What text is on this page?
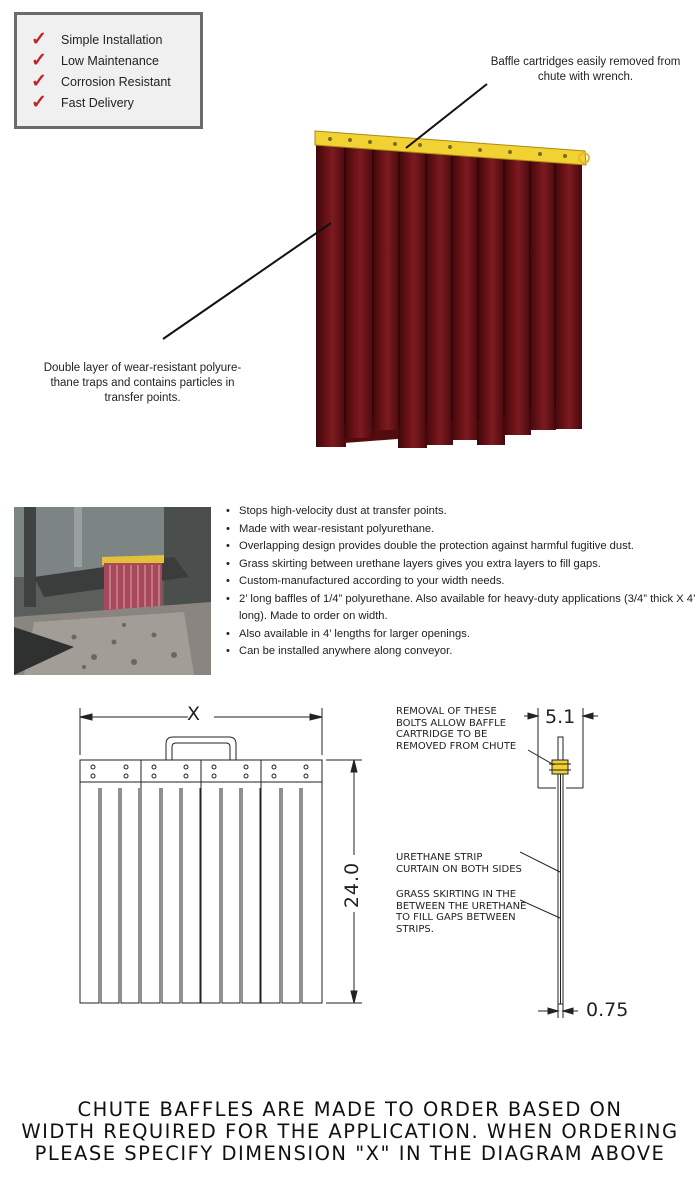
✓	Simple Installation
✓	Low Maintenance
✓	Corrosion Resistant
✓	Fast Delivery
Baffle cartridges easily removed from
chute with wrench.
Double layer of wear-resistant polyure-
thane traps and contains particles in
transfer points.
• Stops high-velocity dust at transfer points.
• Made with wear-resistant polyurethane.
• Overlapping design provides double the protection against harmful fugitive dust.
• Grass skirting between urethane layers gives you extra layers to fill gaps.
• Custom-manufactured according to your width needs.
• 2’ long baffles of 1/4” polyurethane. Also available for heavy-duty applications (3/4” thick X 4’ long). Made to order on width.
• Also available in 4’ lengths for larger openings.
• Can be installed anywhere along conveyor.
X
24.0
5.1
0.75
REMOVAL OF THESE
BOLTS ALLOW BAFFLE
CARTRIDGE TO BE
REMOVED FROM CHUTE
URETHANE STRIP
CURTAIN ON BOTH SIDES
GRASS SKIRTING IN THE
BETWEEN THE URETHANE
TO FILL GAPS BETWEEN
STRIPS.
CHUTE BAFFLES ARE MADE TO ORDER BASED ON
WIDTH REQUIRED FOR THE APPLICATION. WHEN ORDERING
PLEASE SPECIFY DIMENSION "X" IN THE DIAGRAM ABOVE
